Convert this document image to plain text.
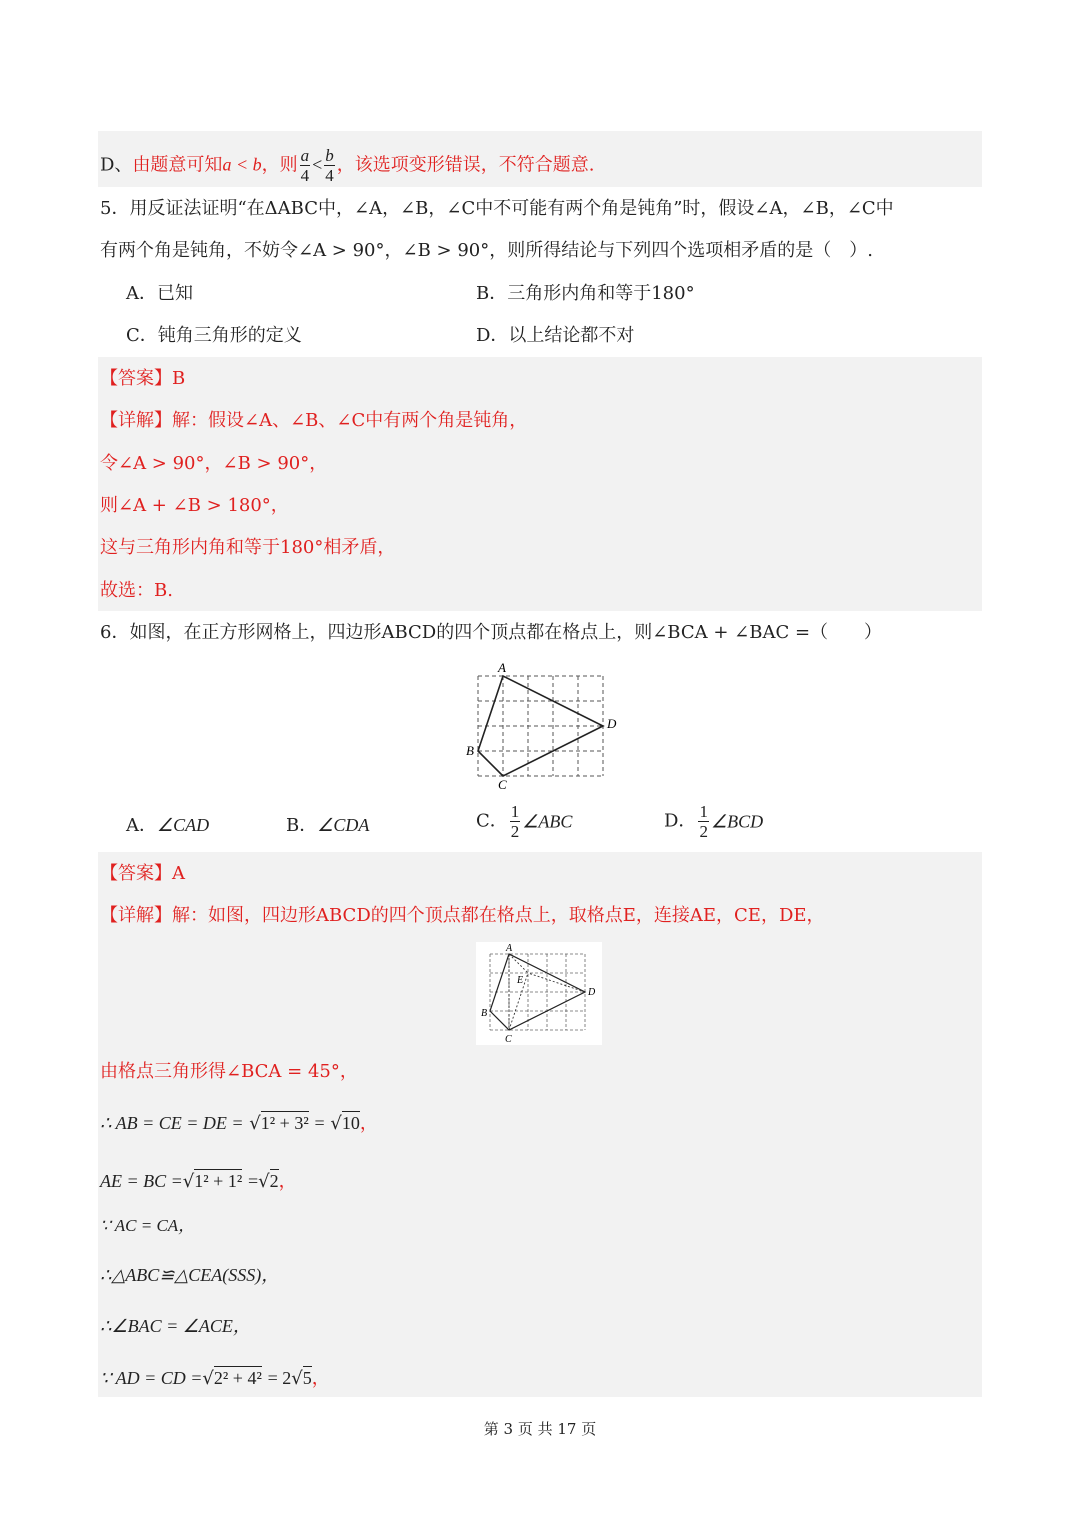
D、由题意可知a < b，则 $\frac{a}{4} < \frac{b}{4}$ ，该选项变形错误，不符合题意.
5．用反证法证明“在ΔABC中，∠A，∠B，∠C中不可能有两个角是钝角”时，假设∠A，∠B，∠C中
有两个角是钝角，不妨令∠A > 90°，∠B > 90°，则所得结论与下列四个选项相矛盾的是（　）.
A．已知	B．三角形内角和等于180°
C．钝角三角形的定义	D．以上结论都不对
【答案】B
【详解】解：假设∠A、∠B、∠C中有两个角是钝角，
令∠A > 90°，∠B > 90°，
则∠A + ∠B > 180°，
这与三角形内角和等于180°相矛盾，
故选：B.
6．如图，在正方形网格上，四边形ABCD的四个顶点都在格点上，则∠BCA + ∠BAC =（　　）
A
B
C
D
A．∠CAD	B．∠CDA	C． $\frac{1}{2}$ ∠ABC	D． $\frac{1}{2}$ ∠BCD
【答案】A
【详解】解：如图，四边形ABCD的四个顶点都在格点上，取格点E，连接AE，CE，DE，
A
B
C
D
E
由格点三角形得∠BCA = 45°，
∴ AB = CE = DE = √1² + 3² = √10，
AE = BC =√1² + 1² =√2，
∵ AC = CA，
∴△ABC≌△CEA(SSS)，
∴∠BAC = ∠ACE，
∵ AD = CD =√2² + 4² = 2√5，
第 3 页 共 17 页
